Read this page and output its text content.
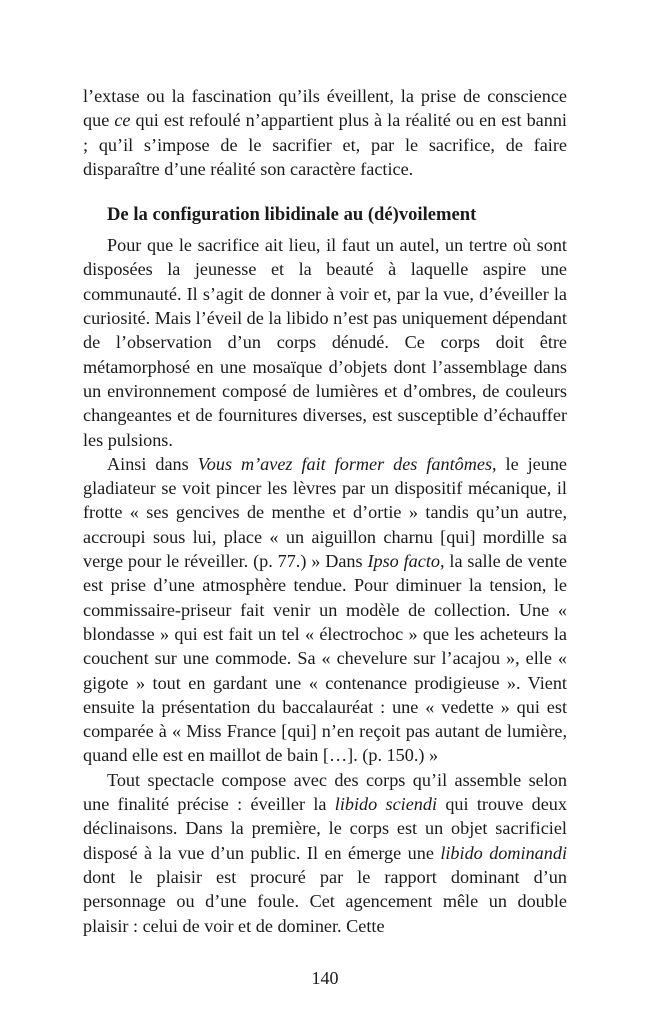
l’extase ou la fascination qu’ils éveillent, la prise de conscience que ce qui est refoulé n’appartient plus à la réalité ou en est banni ; qu’il s’impose de le sacrifier et, par le sacrifice, de faire disparaître d’une réalité son caractère factice.

De la configuration libidinale au (dé)voilement

Pour que le sacrifice ait lieu, il faut un autel, un tertre où sont disposées la jeunesse et la beauté à laquelle aspire une communauté. Il s’agit de donner à voir et, par la vue, d’éveiller la curiosité. Mais l’éveil de la libido n’est pas uniquement dépendant de l’observation d’un corps dénudé. Ce corps doit être métamorphosé en une mosaïque d’objets dont l’assemblage dans un environnement composé de lumières et d’ombres, de couleurs changeantes et de fournitures diverses, est susceptible d’échauffer les pulsions.

Ainsi dans Vous m’avez fait former des fantômes, le jeune gladiateur se voit pincer les lèvres par un dispositif mécanique, il frotte « ses gencives de menthe et d’ortie » tandis qu’un autre, accroupi sous lui, place « un aiguillon charnu [qui] mordille sa verge pour le réveiller. (p. 77.) » Dans Ipso facto, la salle de vente est prise d’une atmosphère tendue. Pour diminuer la tension, le commissaire-priseur fait venir un modèle de collection. Une « blondasse » qui est fait un tel « électrochoc » que les acheteurs la couchent sur une commode. Sa « chevelure sur l’acajou », elle « gigote » tout en gardant une « contenance prodigieuse ». Vient ensuite la présentation du baccalauréat : une « vedette » qui est comparée à « Miss France [qui] n’en reçoit pas autant de lumière, quand elle est en maillot de bain […]. (p. 150.) »

Tout spectacle compose avec des corps qu’il assemble selon une finalité précise : éveiller la libido sciendi qui trouve deux déclinaisons. Dans la première, le corps est un objet sacrificiel disposé à la vue d’un public. Il en émerge une libido dominandi dont le plaisir est procuré par le rapport dominant d’un personnage ou d’une foule. Cet agencement mêle un double plaisir : celui de voir et de dominer. Cette

140
